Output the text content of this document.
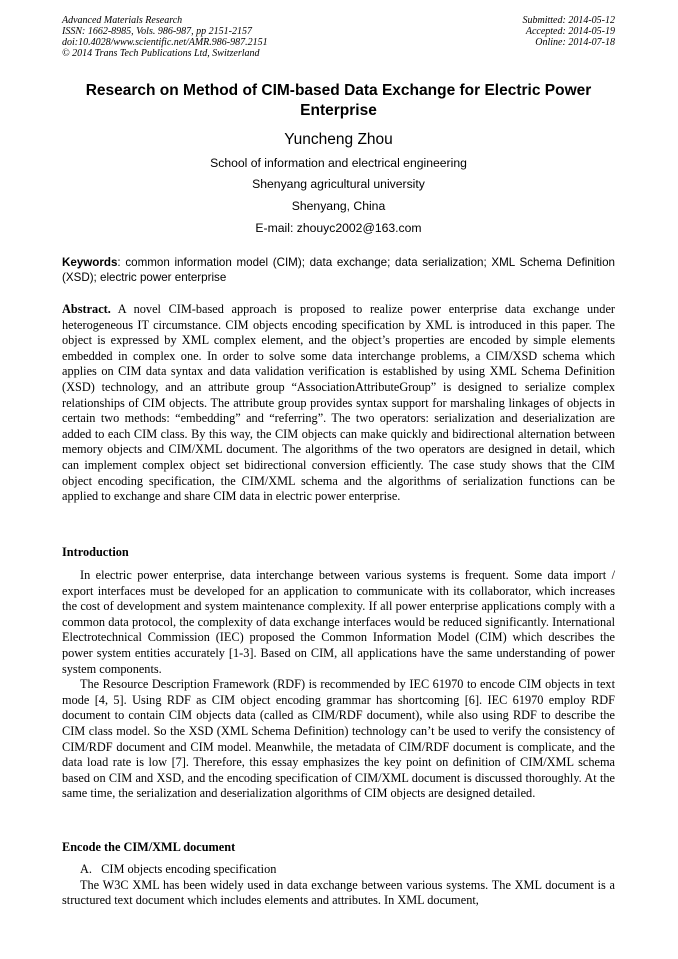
Advanced Materials Research
ISSN: 1662-8985, Vols. 986-987, pp 2151-2157
doi:10.4028/www.scientific.net/AMR.986-987.2151
© 2014 Trans Tech Publications Ltd, Switzerland
Submitted: 2014-05-12
Accepted: 2014-05-19
Online: 2014-07-18
Research on Method of CIM-based Data Exchange for Electric Power Enterprise
Yuncheng Zhou
School of information and electrical engineering
Shenyang agricultural university
Shenyang, China
E-mail: zhouyc2002@163.com
Keywords: common information model (CIM); data exchange; data serialization; XML Schema Definition (XSD); electric power enterprise
Abstract. A novel CIM-based approach is proposed to realize power enterprise data exchange under heterogeneous IT circumstance. CIM objects encoding specification by XML is introduced in this paper. The object is expressed by XML complex element, and the object’s properties are encoded by simple elements embedded in complex one. In order to solve some data interchange problems, a CIM/XSD schema which applies on CIM data syntax and data validation verification is established by using XML Schema Definition (XSD) technology, and an attribute group “AssociationAttributeGroup” is designed to serialize complex relationships of CIM objects. The attribute group provides syntax support for marshaling linkages of objects in certain two methods: “embedding” and “referring”. The two operators: serialization and deserialization are added to each CIM class. By this way, the CIM objects can make quickly and bidirectional alternation between memory objects and CIM/XML document. The algorithms of the two operators are designed in detail, which can implement complex object set bidirectional conversion efficiently. The case study shows that the CIM object encoding specification, the CIM/XML schema and the algorithms of serialization functions can be applied to exchange and share CIM data in electric power enterprise.
Introduction

In electric power enterprise, data interchange between various systems is frequent. Some data import / export interfaces must be developed for an application to communicate with its collaborator, which increases the cost of development and system maintenance complexity. If all power enterprise applications comply with a common data protocol, the complexity of data exchange interfaces would be reduced significantly. International Electrotechnical Commission (IEC) proposed the Common Information Model (CIM) which describes the power system entities accurately [1-3]. Based on CIM, all applications have the same understanding of power system components.

The Resource Description Framework (RDF) is recommended by IEC 61970 to encode CIM objects in text mode [4, 5]. Using RDF as CIM object encoding grammar has shortcoming [6]. IEC 61970 employ RDF document to contain CIM objects data (called as CIM/RDF document), while also using RDF to describe the CIM class model. So the XSD (XML Schema Definition) technology can’t be used to verify the consistency of CIM/RDF document and CIM model. Meanwhile, the metadata of CIM/RDF document is complicate, and the data load rate is low [7]. Therefore, this essay emphasizes the key point on definition of CIM/XML schema based on CIM and XSD, and the encoding specification of CIM/XML document is discussed thoroughly. At the same time, the serialization and deserialization algorithms of CIM objects are designed detailed.

Encode the CIM/XML document

A.   CIM objects encoding specification

The W3C XML has been widely used in data exchange between various systems. The XML document is a structured text document which includes elements and attributes. In XML document,
